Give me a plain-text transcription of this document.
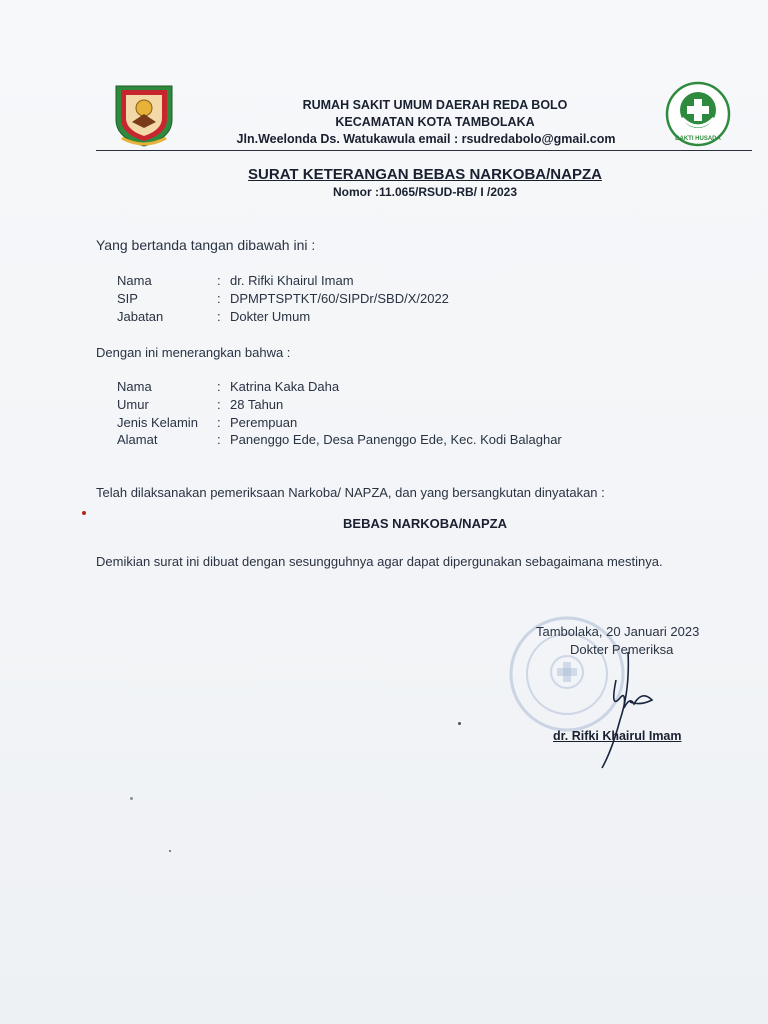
RUMAH SAKIT UMUM DAERAH REDA BOLO
KECAMATAN KOTA TAMBOLAKA
Jln.Weelonda Ds. Watukawula email : rsudredabolo@gmail.com	BAKTI HUSADA
SURAT KETERANGAN BEBAS NARKOBA/NAPZA
Nomor :11.065/RSUD-RB/ I /2023
Yang bertanda tangan dibawah ini :
Nama	: dr. Rifki Khairul Imam
SIP	: DPMPTSPTKT/60/SIPDr/SBD/X/2022
Jabatan	: Dokter Umum
Dengan ini menerangkan bahwa :
Nama	: Katrina Kaka Daha
Umur	: 28 Tahun
Jenis Kelamin : Perempuan
Alamat	: Panenggo Ede, Desa Panenggo Ede, Kec. Kodi Balaghar
Telah dilaksanakan pemeriksaan Narkoba/ NAPZA, dan yang bersangkutan dinyatakan :
BEBAS NARKOBA/NAPZA
Demikian surat ini dibuat dengan sesungguhnya agar dapat dipergunakan sebagaimana mestinya.
Tambolaka, 20 Januari 2023
Dokter Pemeriksa
dr. Rifki Khairul Imam
